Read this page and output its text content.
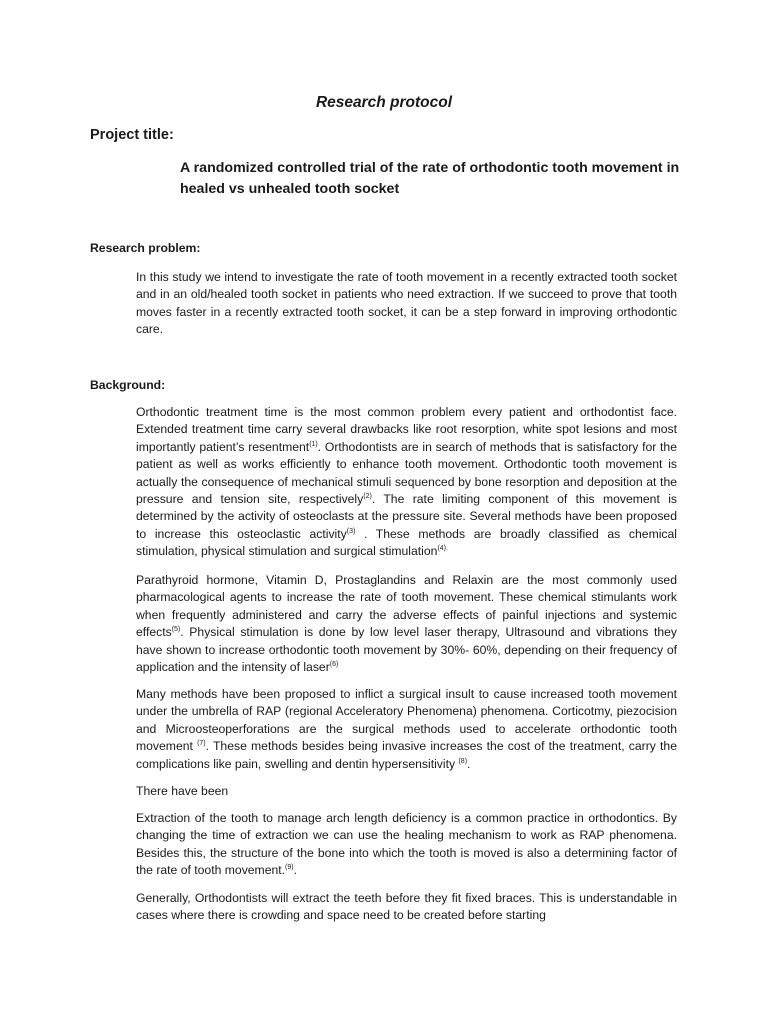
Research protocol
Project title:
A randomized controlled trial of the rate of orthodontic tooth movement in healed vs unhealed tooth socket
Research problem:

In this study we intend to investigate the rate of tooth movement in a recently extracted tooth socket and in an old/healed tooth socket in patients who need extraction. If we succeed to prove that tooth moves faster in a recently extracted tooth socket, it can be a step forward in improving orthodontic care.

Background:

Orthodontic treatment time is the most common problem every patient and orthodontist face. Extended treatment time carry several drawbacks like root resorption, white spot lesions and most importantly patient’s resentment$^{(1)}$. Orthodontists are in search of methods that is satisfactory for the patient as well as works efficiently to enhance tooth movement. Orthodontic tooth movement is actually the consequence of mechanical stimuli sequenced by bone resorption and deposition at the pressure and tension site, respectively$^{(2)}$. The rate limiting component of this movement is determined by the activity of osteoclasts at the pressure site. Several methods have been proposed to increase this osteoclastic activity$^{(3)}$ . These methods are broadly classified as chemical stimulation, physical stimulation and surgical stimulation$^{(4).}$

Parathyroid hormone, Vitamin D, Prostaglandins and Relaxin are the most commonly used pharmacological agents to increase the rate of tooth movement. These chemical stimulants work when frequently administered and carry the adverse effects of painful injections and systemic effects$^{(5)}$. Physical stimulation is done by low level laser therapy, Ultrasound and vibrations they have shown to increase orthodontic tooth movement by 30%- 60%, depending on their frequency of application and the intensity of laser$^{(6)}$

Many methods have been proposed to inflict a surgical insult to cause increased tooth movement under the umbrella of RAP (regional Acceleratory Phenomena) phenomena. Corticotmy, piezocision and Microosteoperforations are the surgical methods used to accelerate orthodontic tooth movement $^{(7)}$. These methods besides being invasive increases the cost of the treatment, carry the complications like pain, swelling and dentin hypersensitivity $^{(8)}$.

There have been

Extraction of the tooth to manage arch length deficiency is a common practice in orthodontics. By changing the time of extraction we can use the healing mechanism to work as RAP phenomena. Besides this, the structure of the bone into which the tooth is moved is also a determining factor of the rate of tooth movement.$^{(9)}$.

Generally, Orthodontists will extract the teeth before they fit fixed braces. This is understandable in cases where there is crowding and space need to be created before starting
